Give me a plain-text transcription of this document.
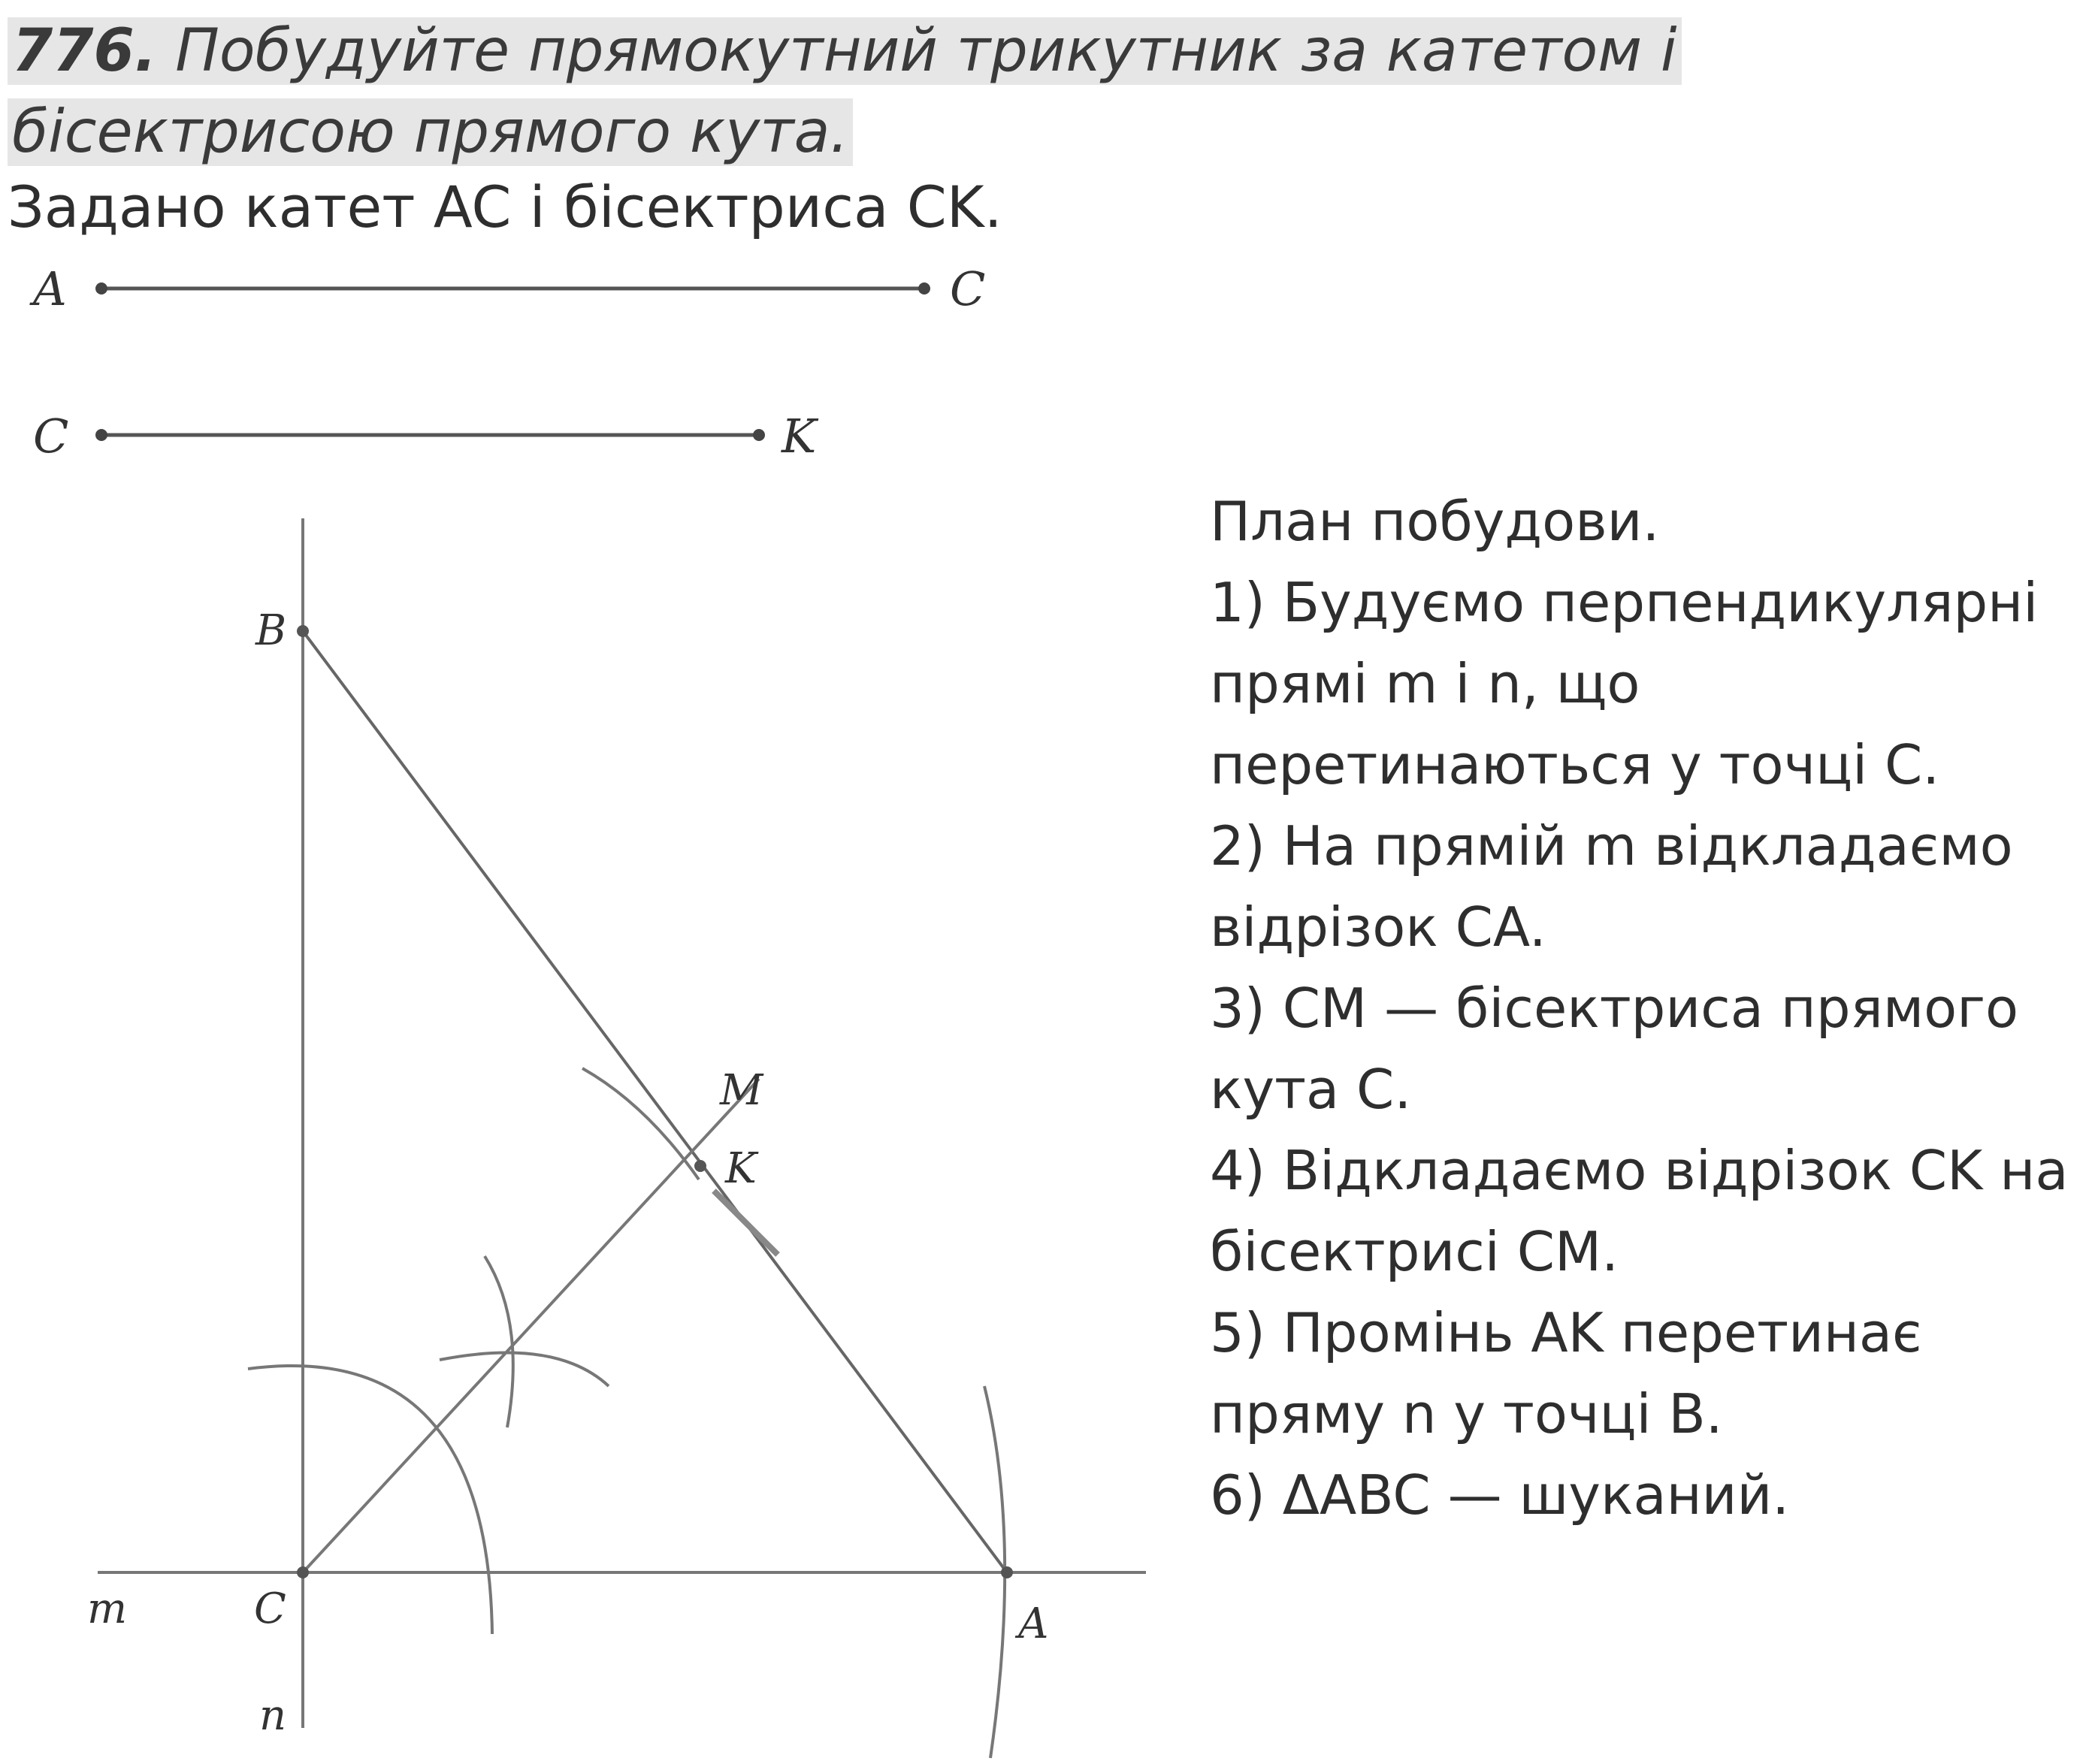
776. Побудуйте прямокутний трикутник за катетом і бісектрисою прямого кута.
Задано катет AC і бісектриса CK.
A	C
C	K
B
M
K
m	C	A
n

План побудови.

1) Будуємо перпендикулярні прямі m і n, що перетинаються у точці C.

2) На прямій m відкладаємо відрізок CA.

3) CM — бісектриса прямого кута C.

4) Відкладаємо відрізок CK на бісектрисі CM.

5) Промінь AK перетинає пряму n у точці B.

6) ΔABC — шуканий.
